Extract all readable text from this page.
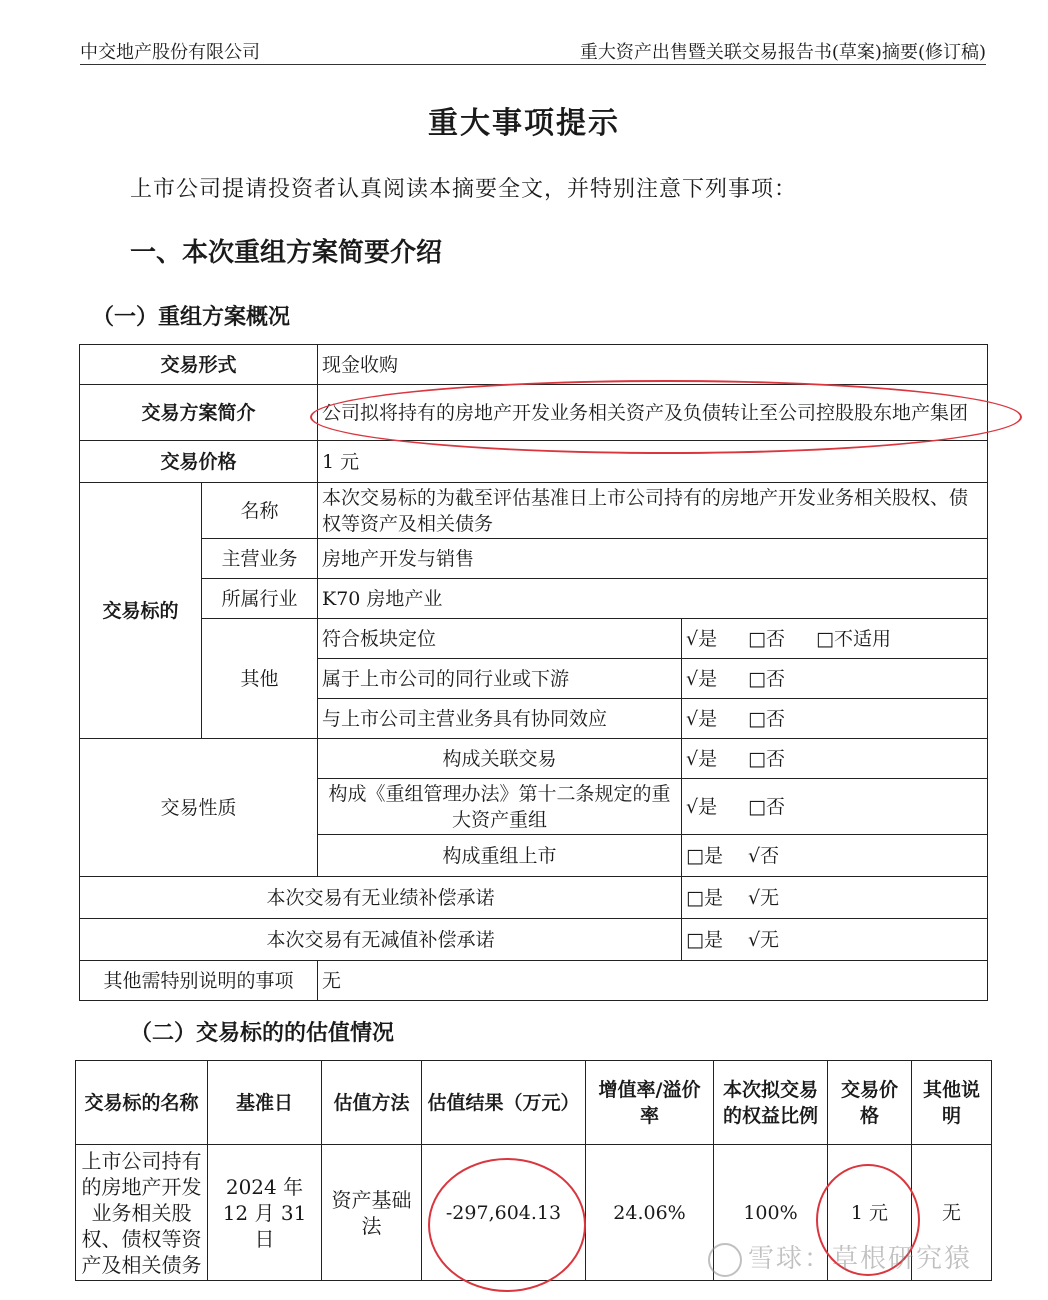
中交地产股份有限公司	重大资产出售暨关联交易报告书(草案)摘要(修订稿)
重大事项提示
上市公司提请投资者认真阅读本摘要全文，并特别注意下列事项：
一、本次重组方案简要介绍
（一）重组方案概况
交易形式		现金收购	
交易方案简介		公司拟将持有的房地产开发业务相关资产及负债转让至公司控股股东地产集团	
交易价格		1 元	
交易标的	名称	本次交易标的为截至评估基准日上市公司持有的房地产开发业务相关股权、债权等资产及相关债务	
	主营业务	房地产开发与销售	
	所属行业	K70 房地产业	
	其他	符合板块定位	√是 □否 □不适用
		属于上市公司的同行业或下游	√是 □否
		与上市公司主营业务具有协同效应	√是 □否
交易性质		构成关联交易	√是 □否
		构成《重组管理办法》第十二条规定的重大资产重组	√是 □否
		构成重组上市	□是 √否
本次交易有无业绩补偿承诺			□是 √无
本次交易有无减值补偿承诺			□是 √无
其他需特别说明的事项		无	
（二）交易标的的估值情况
交易标的名称	基准日	估值方法	估值结果（万元）	增值率/溢价率	本次拟交易的权益比例	交易价格	其他说明
上市公司持有的房地产开发业务相关股权、债权等资产及相关债务	2024 年 12 月 31 日	资产基础法	-297,604.13	24.06%	100%	1 元	无
雪球：草根研究猿
